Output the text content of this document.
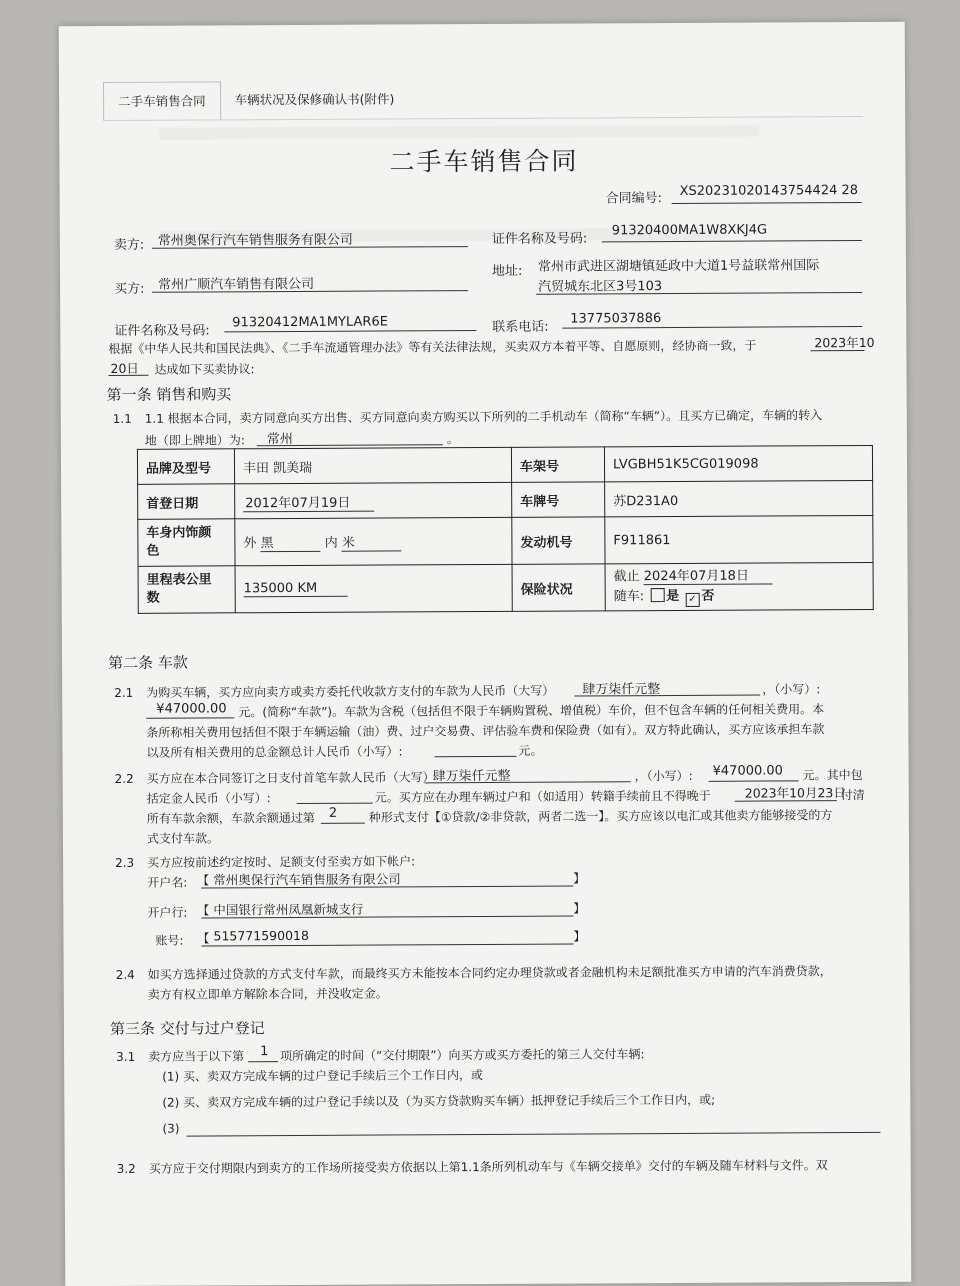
二手车销售合同	车辆状况及保修确认书(附件)
二手车销售合同
合同编号: XS20231020143754424 28
卖方: 常州奥保行汽车销售服务有限公司	证件名称及号码:
91320400MA1W8XKJ4G
买方: 常州广顺汽车销售有限公司
地址: 常州市武进区湖塘镇延政中大道1号益联常州国际
汽贸城东北区3号103
证件名称及号码:
91320412MA1MYLAR6E	联系电话:
13775037886
根据《中华人民共和国民法典》、《二手车流通管理办法》等有关法律法规，买卖双方本着平等、自愿原则，经协商一致，于	2023年10
20日 达成如下买卖协议:
第一条 销售和购买
1.1 1.1 根据本合同，卖方同意向买方出售、买方同意向卖方购买以下所列的二手机动车（简称“车辆”）。且买方已确定，车辆的转入
地（即上牌地）为: 常州	。
品牌及型号	丰田 凯美瑞	车架号	LVGBH51K5CG019098
首登日期	2012年07月19日	车牌号	苏D231A0
车身内饰颜
色	外 黑 内 米	发动机号	F911861
里程表公里
数	135000 KM	保险状况	截止 2024年07月18日
随车: 是 ✓ 否
第二条 车款
2.1 为购买车辆，买方应向卖方或卖方委托代收款方支付的车款为人民币（大写） 肆万柒仟元整	，（小写）:
¥47000.00 元。(简称“车款”)。车款为含税（包括但不限于车辆购置税、增值税）车价，但不包含车辆的任何相关费用。本
条所称相关费用包括但不限于车辆运输（油）费、过户交易费、评估验车费和保险费（如有）。双方特此确认，买方应该承担车款
以及所有相关费用的总金额总计人民币（小写）:	元。
2.2 买方应在本合同签订之日支付首笔车款人民币（大写）
肆万柒仟元整	，（小写）: ¥47000.00 元。其中包
括定金人民币（小写）:	元。买方应在办理车辆过户和（如适用）转籍手续前且不得晚于	2023年10月23日
付清
所有车款余额，车款余额通过第 2	种形式支付【①贷款/②非贷款，两者二选一】。买方应该以电汇或其他卖方能够接受的方
式支付车款。
2.3 买方应按前述约定按时、足额支付至卖方如下帐户:
开户名: 【 常州奥保行汽车销售服务有限公司	】
开户行: 【 中国银行常州凤凰新城支行	】
账号: 【 515771590018	】
2.4 如买方选择通过贷款的方式支付车款，而最终买方未能按本合同约定办理贷款或者金融机构未足额批准买方申请的汽车消费贷款，
卖方有权立即单方解除本合同，并没收定金。
第三条 交付与过户登记
3.1 卖方应当于以下第 1 项所确定的时间（“交付期限”）向买方或买方委托的第三人交付车辆:
(1) 买、卖双方完成车辆的过户登记手续后三个工作日内，或
(2) 买、卖双方完成车辆的过户登记手续以及（为买方贷款购买车辆）抵押登记手续后三个工作日内，或;
(3)
3.2 买方应于交付期限内到卖方的工作场所接受卖方依据以上第1.1条所列机动车与《车辆交接单》交付的车辆及随车材料与文件。双
